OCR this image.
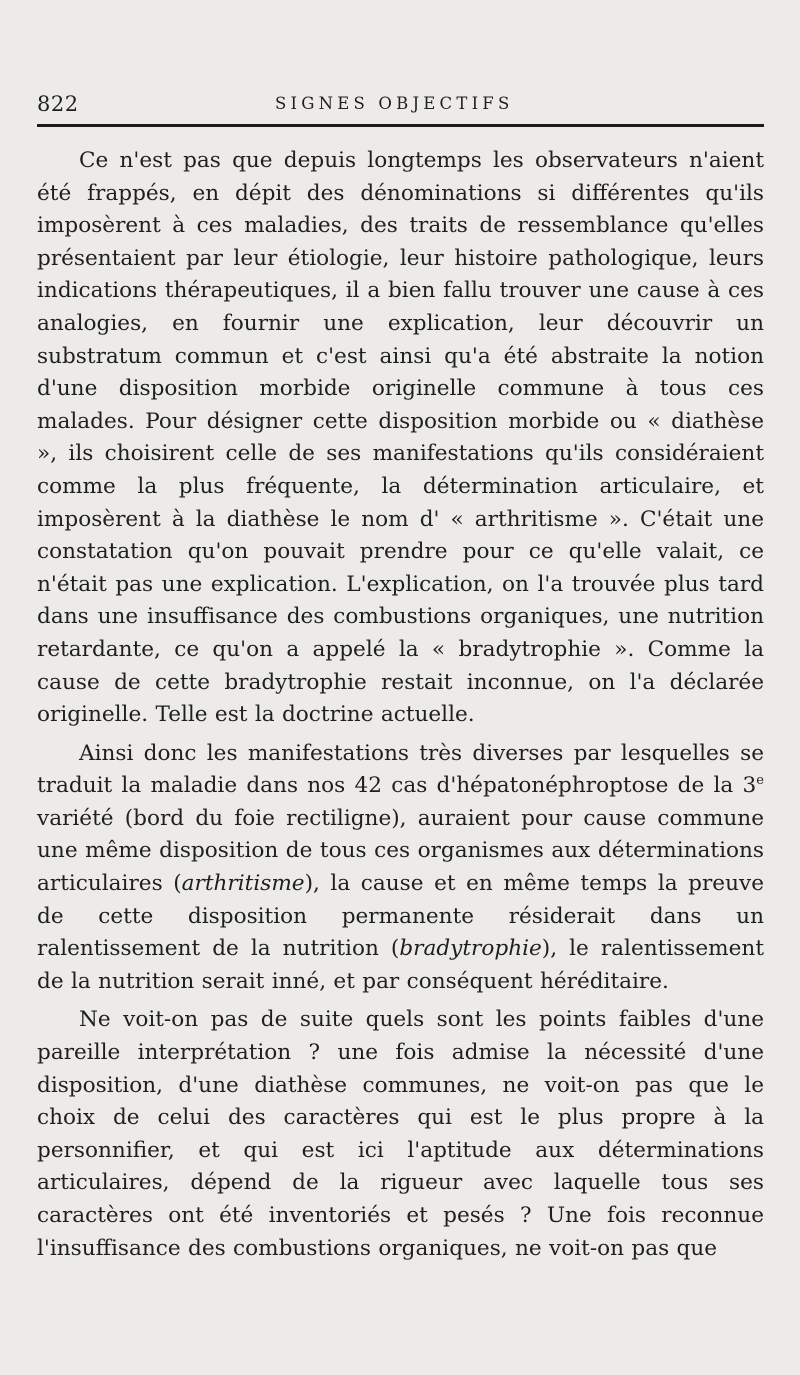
822	SIGNES OBJECTIFS

Ce n'est pas que depuis longtemps les observateurs n'aient été frappés, en dépit des dénominations si différentes qu'ils imposèrent à ces maladies, des traits de ressemblance qu'elles présentaient par leur étiologie, leur histoire pathologique, leurs indications thérapeutiques, il a bien fallu trouver une cause à ces analogies, en fournir une explication, leur découvrir un substratum commun et c'est ainsi qu'a été abstraite la notion d'une disposition morbide originelle commune à tous ces malades. Pour désigner cette disposition morbide ou « diathèse », ils choisirent celle de ses manifestations qu'ils considéraient comme la plus fréquente, la détermination articulaire, et imposèrent à la diathèse le nom d' « arthritisme ». C'était une constatation qu'on pouvait prendre pour ce qu'elle valait, ce n'était pas une explication. L'explication, on l'a trouvée plus tard dans une insuffisance des combustions organiques, une nutrition retardante, ce qu'on a appelé la « bradytrophie ». Comme la cause de cette bradytrophie restait inconnue, on l'a déclarée originelle. Telle est la doctrine actuelle.

Ainsi donc les manifestations très diverses par lesquelles se traduit la maladie dans nos 42 cas d'hépatonéphroptose de la 3e variété (bord du foie rectiligne), auraient pour cause commune une même disposition de tous ces organismes aux déterminations articulaires (arthritisme), la cause et en même temps la preuve de cette disposition permanente résiderait dans un ralentissement de la nutrition (bradytrophie), le ralentissement de la nutrition serait inné, et par conséquent héréditaire.

Ne voit-on pas de suite quels sont les points faibles d'une pareille interprétation ? une fois admise la nécessité d'une disposition, d'une diathèse communes, ne voit-on pas que le choix de celui des caractères qui est le plus propre à la personnifier, et qui est ici l'aptitude aux déterminations articulaires, dépend de la rigueur avec laquelle tous ses caractères ont été inventoriés et pesés ? Une fois reconnue l'insuffisance des combustions organiques, ne voit-on pas que
